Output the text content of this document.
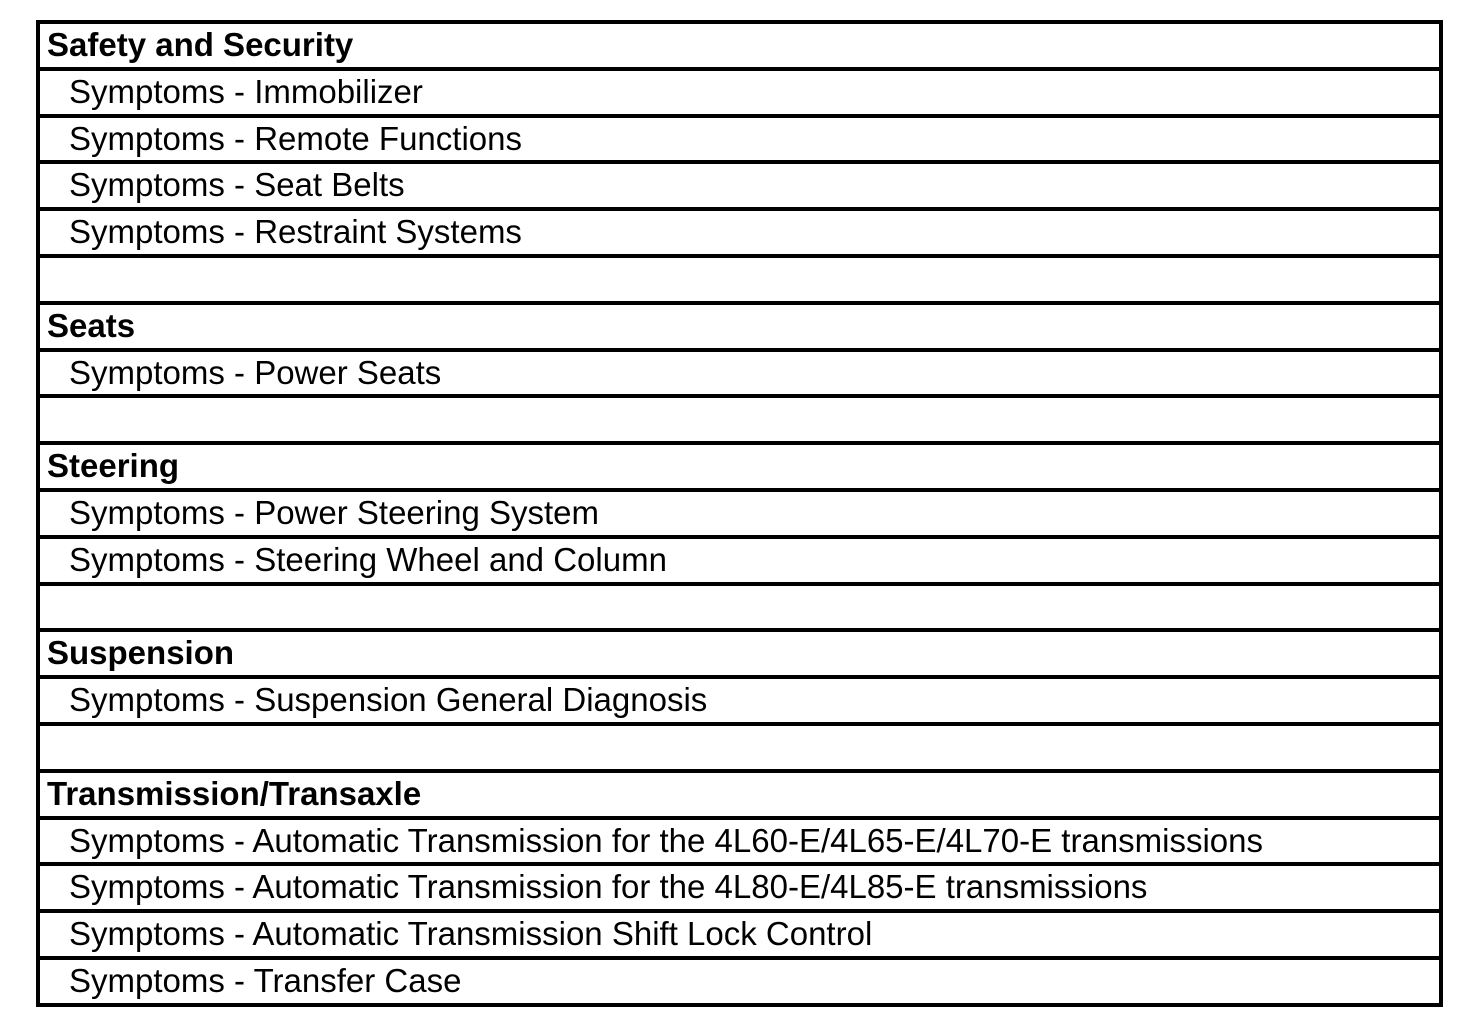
Safety and Security
Symptoms - Immobilizer
Symptoms - Remote Functions
Symptoms - Seat Belts
Symptoms - Restraint Systems
Seats
Symptoms - Power Seats
Steering
Symptoms - Power Steering System
Symptoms - Steering Wheel and Column
Suspension
Symptoms - Suspension General Diagnosis
Transmission/Transaxle
Symptoms - Automatic Transmission for the 4L60-E/4L65-E/4L70-E transmissions
Symptoms - Automatic Transmission for the 4L80-E/4L85-E transmissions
Symptoms - Automatic Transmission Shift Lock Control
Symptoms - Transfer Case
